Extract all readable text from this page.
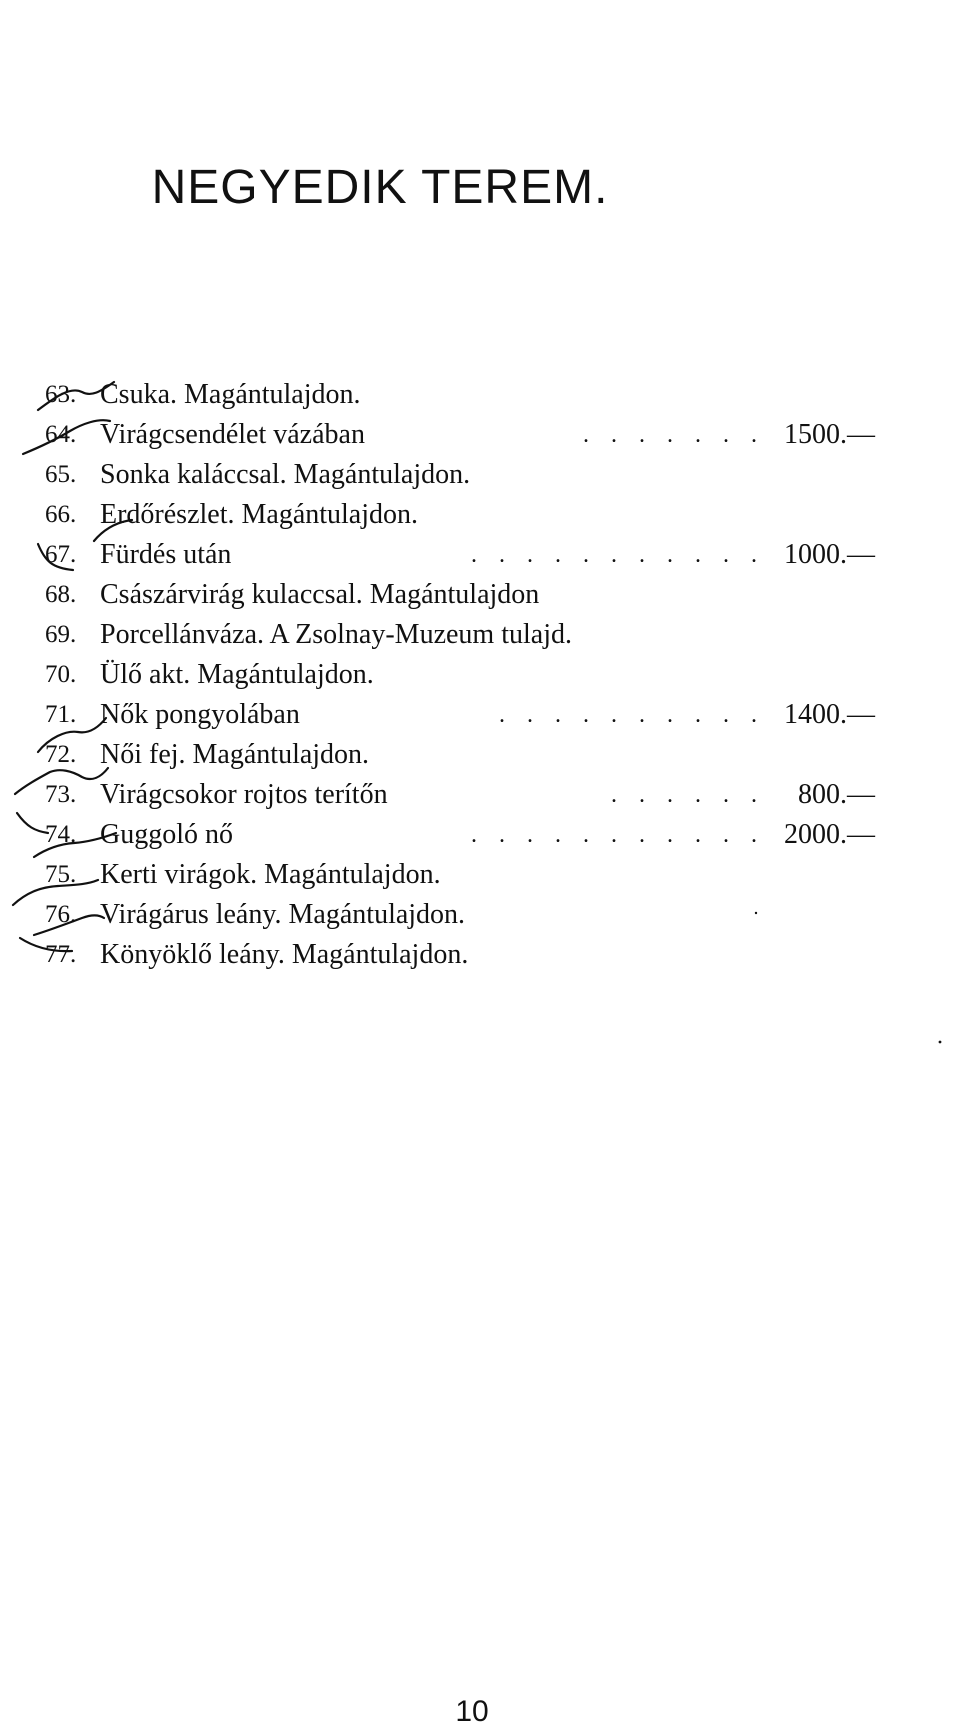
NEGYEDIK TEREM.
63. Csuka. Magántulajdon.
64. Virágcsendélet vázában	. . . . . . . 1500.—
65. Sonka kaláccsal. Magántulajdon.
66. Erdőrészlet. Magántulajdon.
67. Fürdés után	. . . . . . . . . . . 1000.—
68. Császárvirág kulaccsal. Magántulajdon
69. Porcellánváza. A Zsolnay-Muzeum tulajd.
70. Ülő akt. Magántulajdon.
71. Nők pongyolában	. . . . . . . . . . 1400.—
72. Női fej. Magántulajdon.
73. Virágcsokor rojtos terítőn	. . . . . .	800.—
74. Guggoló nő	. . . . . . . . . . . 2000.—
75. Kerti virágok. Magántulajdon.
76. Virágárus leány. Magántulajdon.
77. Könyöklő leány. Magántulajdon.
10
